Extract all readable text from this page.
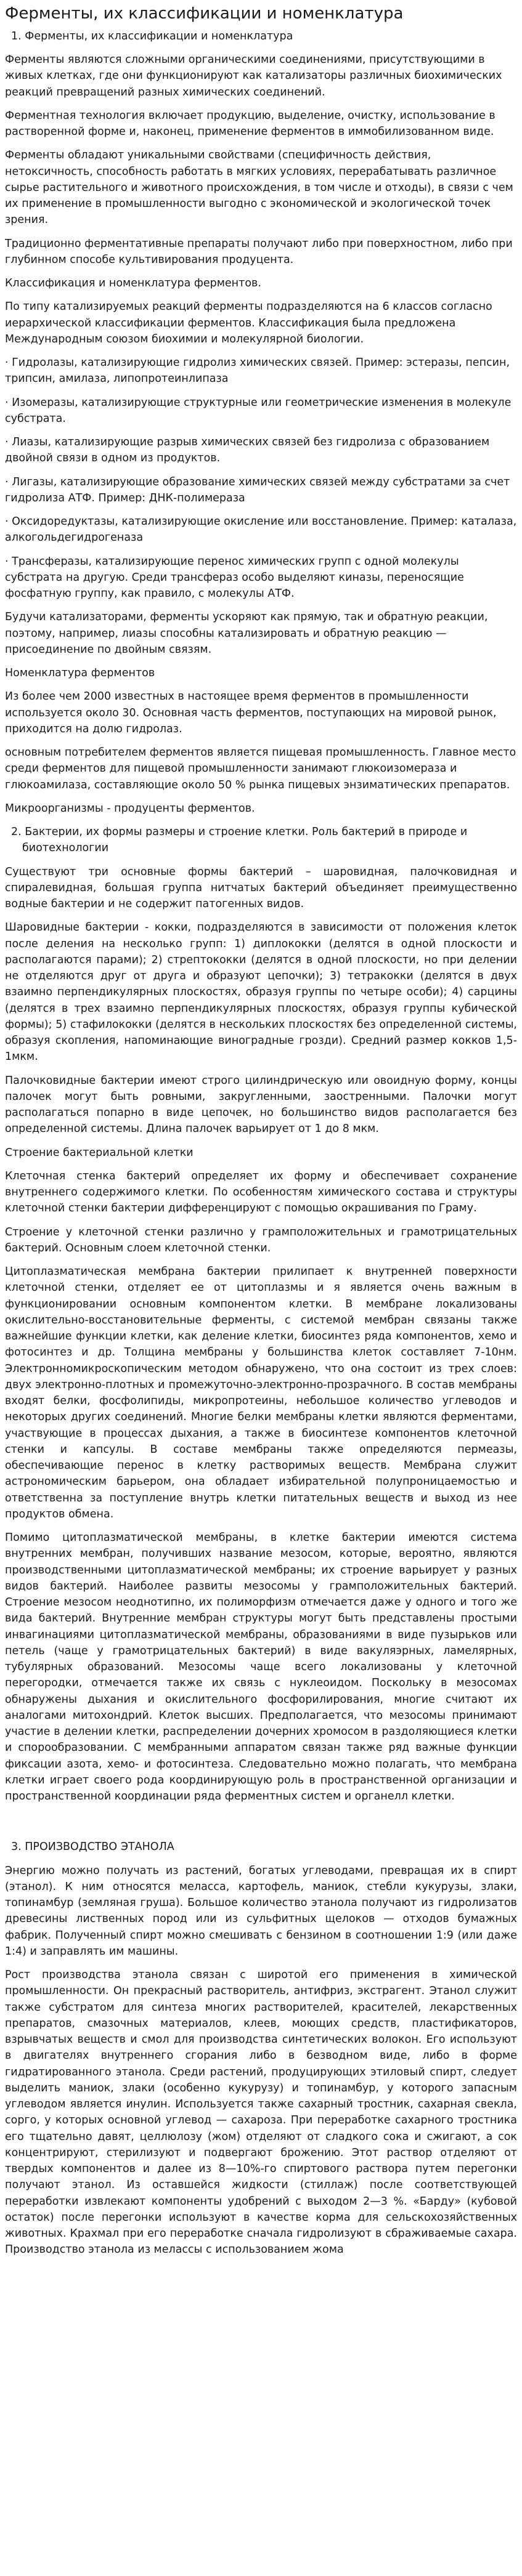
Ферменты, их классификации и номенклатура

1. Ферменты, их классификации и номенклатура

Ферменты являются сложными органическими соединениями, присутствующими в живых клетках, где они функционируют как катализаторы различных биохимических реакций превращений разных химических соединений.

Ферментная технология включает продукцию, выделение, очистку, использование в растворенной форме и, наконец, применение ферментов в иммобилизованном виде.

Ферменты обладают уникальными свойствами (специфичность действия, нетоксичность, способность работать в мягких условиях, перерабатывать различное сырье растительного и животного происхождения, в том числе и отходы), в связи с чем их применение в промышленности выгодно с экономической и экологической точек зрения.

Традиционно ферментативные препараты получают либо при поверхностном, либо при глубинном способе культивирования продуцента.

Классификация и номенклатура ферментов.

По типу катализируемых реакций ферменты подразделяются на 6 классов согласно иерархической классификации ферментов. Классификация была предложена Международным союзом биохимии и молекулярной биологии.

· Гидролазы, катализирующие гидролиз химических связей. Пример: эстеразы, пепсин, трипсин, амилаза, липопротеинлипаза

· Изомеразы, катализирующие структурные или геометрические изменения в молекуле субстрата.

· Лиазы, катализирующие разрыв химических связей без гидролиза с образованием двойной связи в одном из продуктов.

· Лигазы, катализирующие образование химических связей между субстратами за счет гидролиза АТФ. Пример: ДНК-полимераза

· Оксидоредуктазы, катализирующие окисление или восстановление. Пример: каталаза, алкогольдегидрогеназа

· Трансферазы, катализирующие перенос химических групп с одной молекулы субстрата на другую. Среди трансфераз особо выделяют киназы, переносящие фосфатную группу, как правило, с молекулы АТФ.

Будучи катализаторами, ферменты ускоряют как прямую, так и обратную реакции, поэтому, например, лиазы способны катализировать и обратную реакцию — присоединение по двойным связям.

Номенклатура ферментов

Из более чем 2000 известных в настоящее время ферментов в промышленности используется около 30. Основная часть ферментов, поступающих на мировой рынок, приходится на долю гидролаз.

основным потребителем ферментов является пищевая промышленность. Главное место среди ферментов для пищевой промышленности занимают глюкоизомераза и глюкоамилаза, составляющие около 50 % рынка пищевых энзиматических препаратов.

Микроорганизмы - продуценты ферментов.

2. Бактерии, их формы размеры и строение клетки. Роль бактерий в природе и биотехнологии

Существуют три основные формы бактерий – шаровидная, палочковидная и спиралевидная, большая группа нитчатых бактерий объединяет преимущественно водные бактерии и не содержит патогенных видов.

Шаровидные бактерии - кокки, подразделяются в зависимости от положения клеток после деления на несколько групп: 1) диплококки (делятся в одной плоскости и располагаются парами); 2) стрептококки (делятся в одной плоскости, но при делении не отделяются друг от друга и образуют цепочки); 3) тетракокки (делятся в двух взаимно перпендикулярных плоскостях, образуя группы по четыре особи); 4) сарцины (делятся в трех взаимно перпендикулярных плоскостях, образуя группы кубической формы); 5) стафилококки (делятся в нескольких плоскостях без определенной системы, образуя скопления, напоминающие виноградные грозди). Средний размер кокков 1,5-1мкм.

Палочковидные бактерии имеют строго цилиндрическую или овоидную форму, концы палочек могут быть ровными, закругленными, заостренными. Палочки могут располагаться попарно в виде цепочек, но большинство видов располагается без определенной системы. Длина палочек варьирует от 1 до 8 мкм.

Строение бактериальной клетки

Клеточная стенка бактерий определяет их форму и обеспечивает сохранение внутреннего содержимого клетки. По особенностям химического состава и структуры клеточной стенки бактерии дифференцируют с помощью окрашивания по Граму.

Строение у клеточной стенки различно у грамположительных и грамотрицательных бактерий. Основным слоем клеточной стенки.

Цитоплазматическая мембрана бактерии прилипает к внутренней поверхности клеточной стенки, отделяет ее от цитоплазмы и я является очень важным в функционировании основным компонентом клетки. В мембране локализованы окислительно-восстановительные ферменты, с системой мембран связаны также важнейшие функции клетки, как деление клетки, биосинтез ряда компонентов, хемо и фотосинтез и др. Толщина мембраны у большинства клеток составляет 7-10нм. Электронномикроскопическим методом обнаружено, что она состоит из трех слоев: двух электронно-плотных и промежуточно-электронно-прозрачного. В состав мембраны входят белки, фосфолипиды, микропротеины, небольшое количество углеводов и некоторых других соединений. Многие белки мембраны клетки являются ферментами, участвующие в процессах дыхания, а также в биосинтезе компонентов клеточной стенки и капсулы. В составе мембраны также определяются пермеазы, обеспечивающие перенос в клетку растворимых веществ. Мембрана служит астрономическим барьером, она обладает избирательной полупроницаемостью и ответственна за поступление внутрь клетки питательных веществ и выход из нее продуктов обмена.

Помимо цитоплазматической мембраны, в клетке бактерии имеются система внутренних мембран, получивших название мезосом, которые, вероятно, являются производственными цитоплазматической мембраны; их строение варьирует у разных видов бактерий. Наиболее развиты мезосомы у грамположительных бактерий. Строение мезосом неоднотипно, их полиморфизм отмечается даже у одного и того же вида бактерий. Внутренние мембран структуры могут быть представлены простыми инвагинациями цитоплазматической мембраны, образованиями в виде пузырьков или петель (чаще у грамотрицательных бактерий) в виде вакуляэрных, ламелярных, тубулярных образований. Мезосомы чаще всего локализованы у клеточной перегородки, отмечается также их связь с нуклеоидом. Поскольку в мезосомах обнаружены дыхания и окислительного фосфорилирования, многие считают их аналогами митохондрий. Клеток высших. Предполагается, что мезосомы принимают участие в делении клетки, распределении дочерних хромосом в раздоляющиеся клетки и спорообразовании. С мембранными аппаратом связан также ряд важные функции фиксации азота, хемо- и фотосинтеза. Следовательно можно полагать, что мембрана клетки играет своего рода координирующую роль в пространственной организации и пространственной координации ряда ферментных систем и органелл клетки.

3. ПРОИЗВОДСТВО ЭТАНОЛА

Энергию можно получать из растений, богатых углеводами, превращая их в спирт (этанол). К ним относятся меласса, картофель, маниок, стебли кукурузы, злаки, топинамбур (земляная груша). Большое количество этанола получают из гидролизатов древесины лиственных пород или из сульфитных щелоков — отходов бумажных фабрик. Полученный спирт можно смешивать с бензином в соотношении 1:9 (или даже 1:4) и заправлять им машины.

Рост производства этанола связан с широтой его применения в химической промышленности. Он прекрасный растворитель, антифриз, экстрагент. Этанол служит также субстратом для синтеза многих растворителей, красителей, лекарственных препаратов, смазочных материалов, клеев, моющих средств, пластификаторов, взрывчатых веществ и смол для производства синтетических волокон. Его используют в двигателях внутреннего сгорания либо в безводном виде, либо в форме гидратированного этанола. Среди растений, продуцирующих этиловый спирт, следует выделить маниок, злаки (особенно кукурузу) и топинамбур, у которого запасным углеводом является инулин. Используется также сахарный тростник, сахарная свекла, сорго, у которых основной углевод — сахароза. При переработке сахарного тростника его тщательно давят, целлюлозу (жом) отделяют от сладкого сока и сжигают, а сок концентрируют, стерилизуют и подвергают брожению. Этот раствор отделяют от твердых компонентов и далее из 8—10%-го спиртового раствора путем перегонки получают этанол. Из оставшейся жидкости (стиллаж) после соответствующей переработки извлекают компоненты удобрений с выходом 2—3 %. «Барду» (кубовой остаток) после перегонки используют в качестве корма для сельскохозяйственных животных. Крахмал при его переработке сначала гидролизуют в сбраживаемые сахара. Производство этанола из мелассы с использованием жома
